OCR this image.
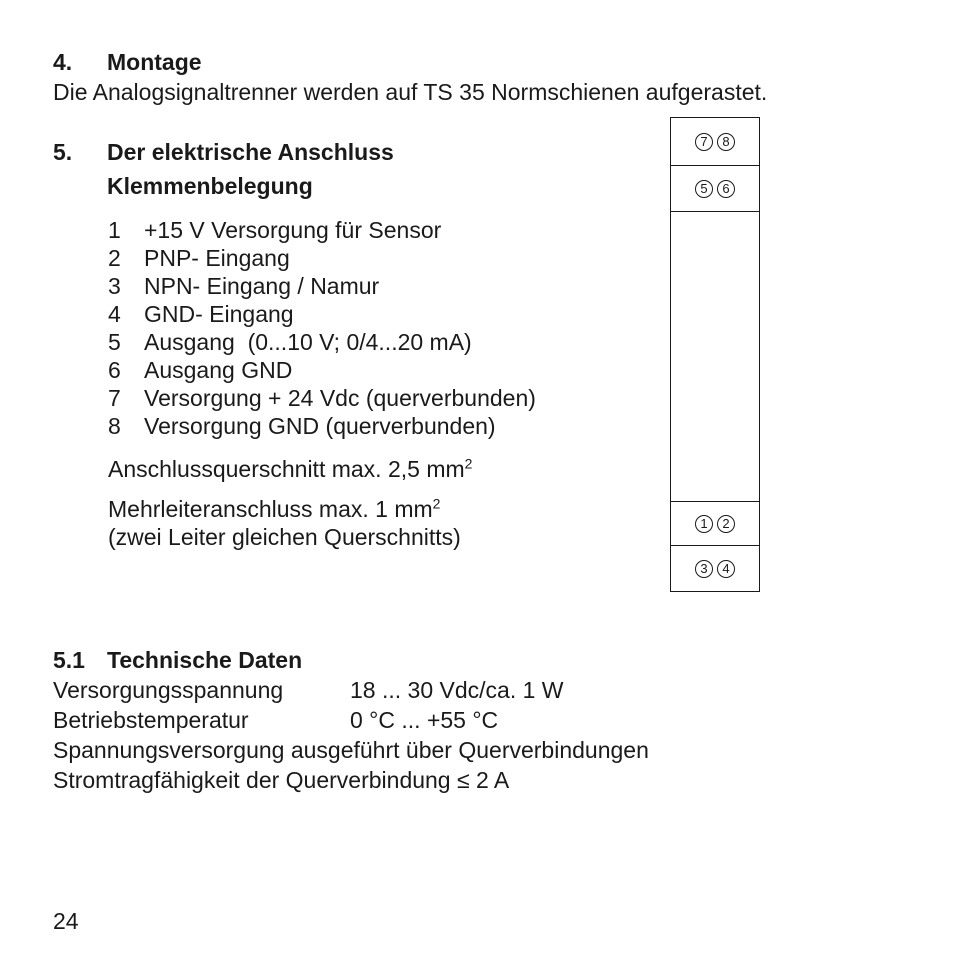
4. Montage
Die Analogsignaltrenner werden auf TS 35 Normschienen aufgerastet.
5. Der elektrische Anschluss
Klemmenbelegung
1 +15 V Versorgung für Sensor
2 PNP- Eingang
3 NPN- Eingang / Namur
4 GND- Eingang
5 Ausgang  (0...10 V; 0/4...20 mA)
6 Ausgang GND
7 Versorgung + 24 Vdc (querverbunden)
8 Versorgung GND (querverbunden)
Anschlussquerschnitt max. 2,5 $mm^2$
Mehrleiteranschluss max. 1 $mm^2$
(zwei Leiter gleichen Querschnitts)
7	8
5	6
1	2
3	4
5.1 Technische Daten
Versorgungsspannung	18 ... 30 Vdc/ca. 1 W
Betriebstemperatur	0 °C ... +55 °C
Spannungsversorgung ausgeführt über Querverbindungen
Stromtragfähigkeit der Querverbindung ≤ 2 A
24
